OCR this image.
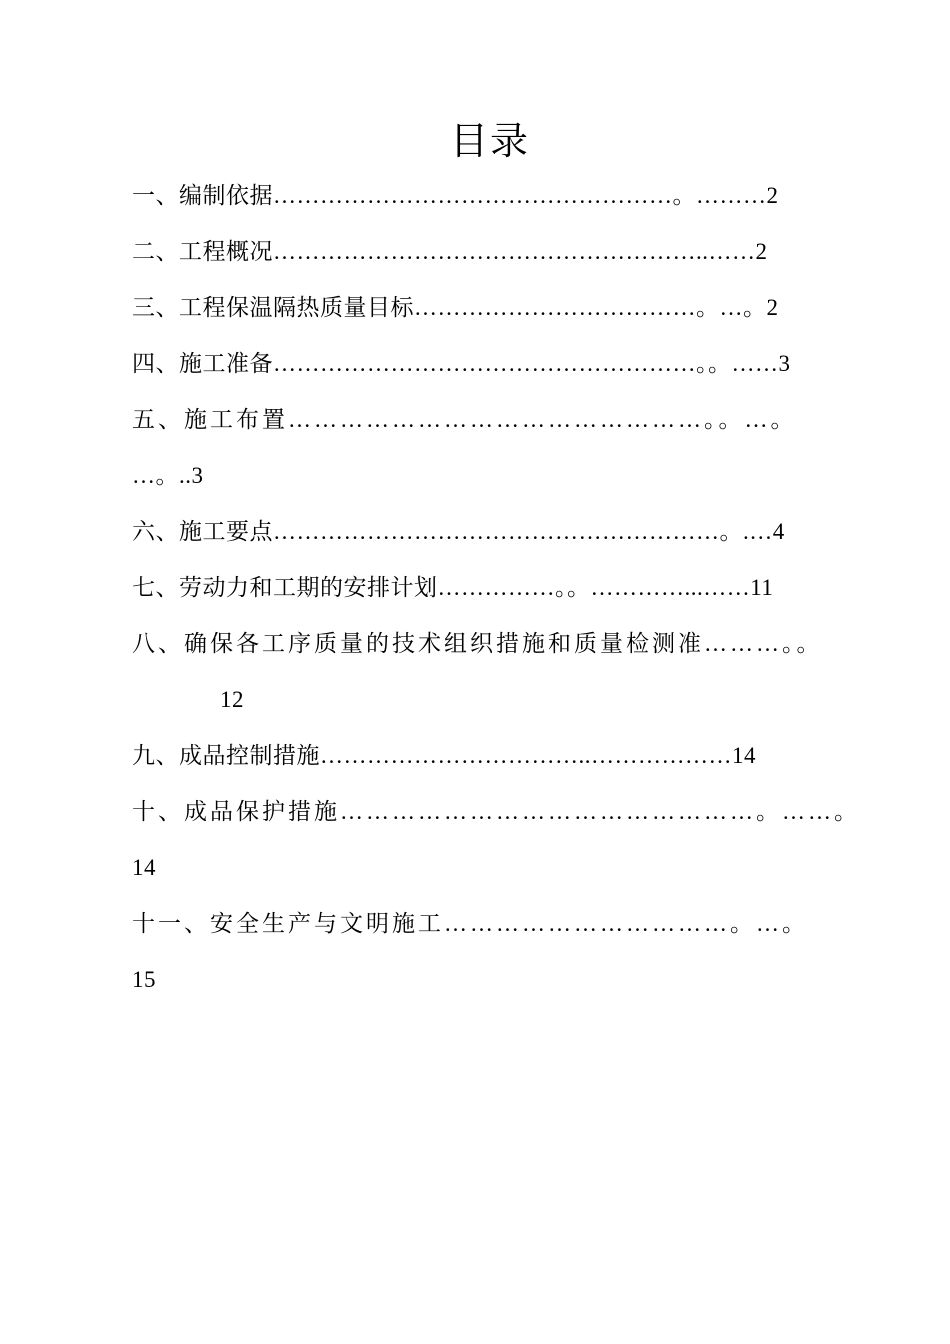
目录
一、编制依据……………………………………………。………2
二、工程概况………………………………………………..……2
三、工程保温隔热质量目标………………………………。…。2
四、施工准备………………………………………………。。……3
五、施工布置…………………………………………。。…。
…。..3
六、施工要点…………………………………………………。.…4
七、劳动力和工期的安排计划……………。。…………...……11
八、确保各工序质量的技术组织措施和质量检测准………。。
12
九、成品控制措施……………………………..………………14
十、成品保护措施…………………………………………。……。
14
十一、安全生产与文明施工……………………………。…。
15
